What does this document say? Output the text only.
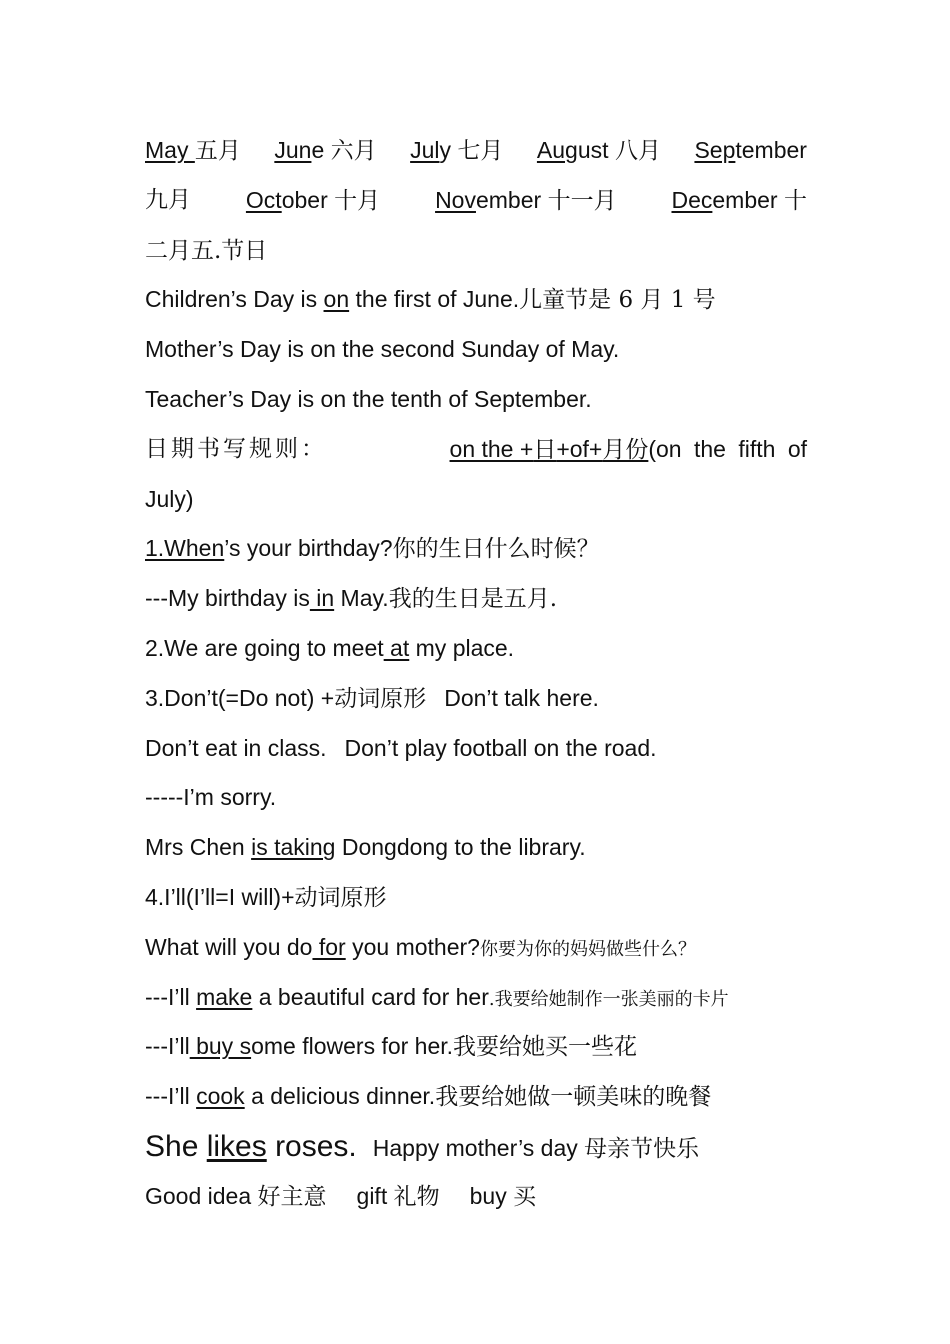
May 五月 June 六月 July 七月 August 八月 September
九月 October 十月 November 十一月 December 十
二月五.节日
Children’s Day is on the first of June.儿童节是 6 月 1 号
Mother’s Day is on the second Sunday of May.
Teacher’s Day is on the tenth of September.
日期书写规则：	on the +日+of+月份(on the fifth of
July)
1.When’s your birthday?你的生日什么时候？
---My birthday is in May.我的生日是五月.
2.We are going to meet at my place.
3.Don’t(=Do not) +动词原形 Don’t talk here.
Don’t eat in class. Don’t play football on the road.
-----I’m sorry.
Mrs Chen is taking Dongdong to the library.
4.I’ll(I’ll=I will)+动词原形
What will you do for you mother?你要为你的妈妈做些什么？
---I’ll make a beautiful card for her.我要给她制作一张美丽的卡片
---I’ll buy some flowers for her.我要给她买一些花
---I’ll cook a delicious dinner.我要给她做一顿美味的晚餐
She likes roses. Happy mother’s day 母亲节快乐
Good idea 好主意 gift 礼物 buy 买
